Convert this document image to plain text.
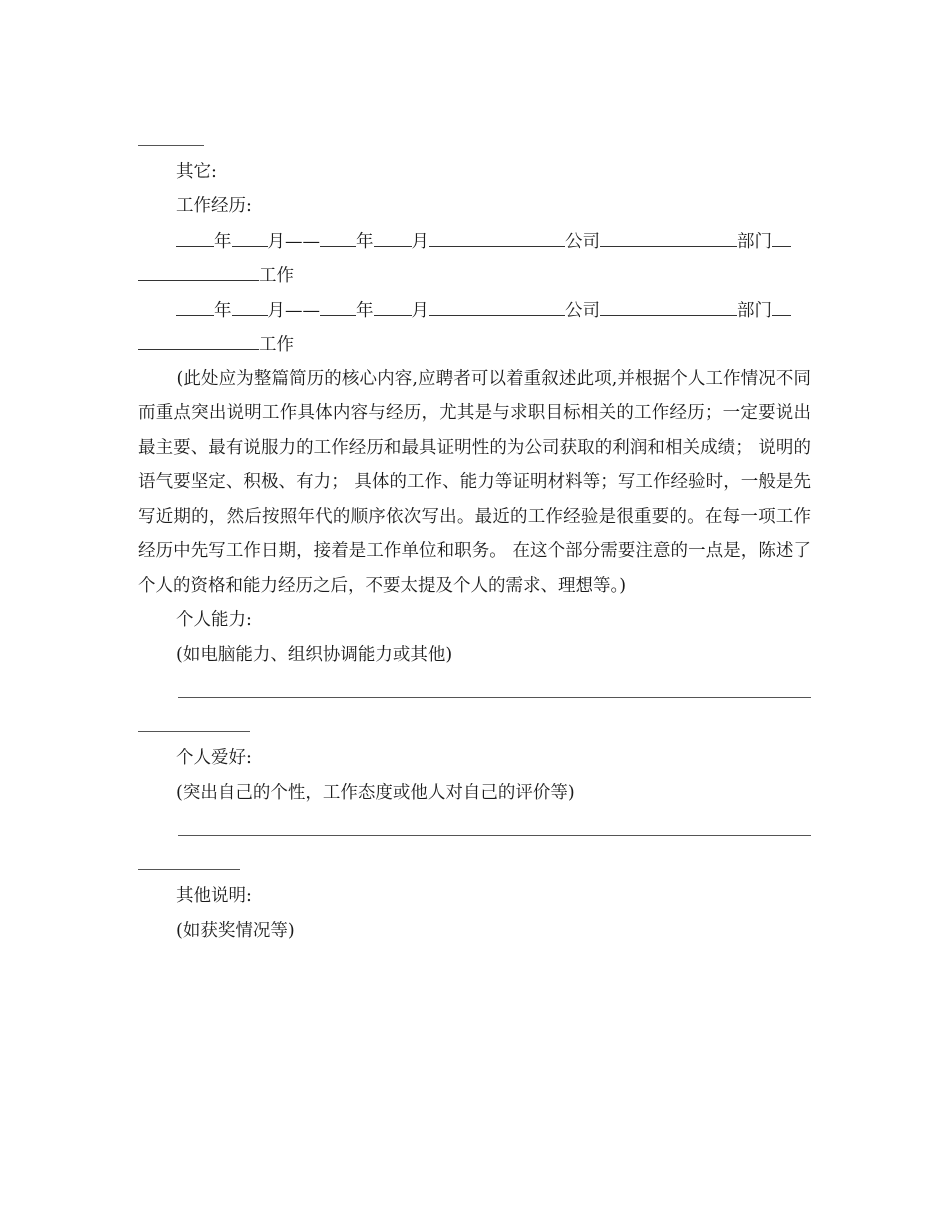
其它:
工作经历:
年 月—— 年 月	公司	部门
工作
年 月—— 年 月	公司	部门
工作

(此处应为整篇简历的核心内容,应聘者可以着重叙述此项,并根据个人工作情况不同而重点突出说明工作具体内容与经历，尤其是与求职目标相关的工作经历；一定要说出最主要、最有说服力的工作经历和最具证明性的为公司获取的利润和相关成绩； 说明的语气要坚定、积极、有力； 具体的工作、能力等证明材料等；写工作经验时，一般是先写近期的，然后按照年代的顺序依次写出。最近的工作经验是很重要的。在每一项工作经历中先写工作日期，接着是工作单位和职务。 在这个部分需要注意的一点是，陈述了个人的资格和能力经历之后，不要太提及个人的需求、理想等。)

个人能力:
(如电脑能力、组织协调能力或其他)
个人爱好:
(突出自己的个性，工作态度或他人对自己的评价等)
其他说明:
(如获奖情况等)
